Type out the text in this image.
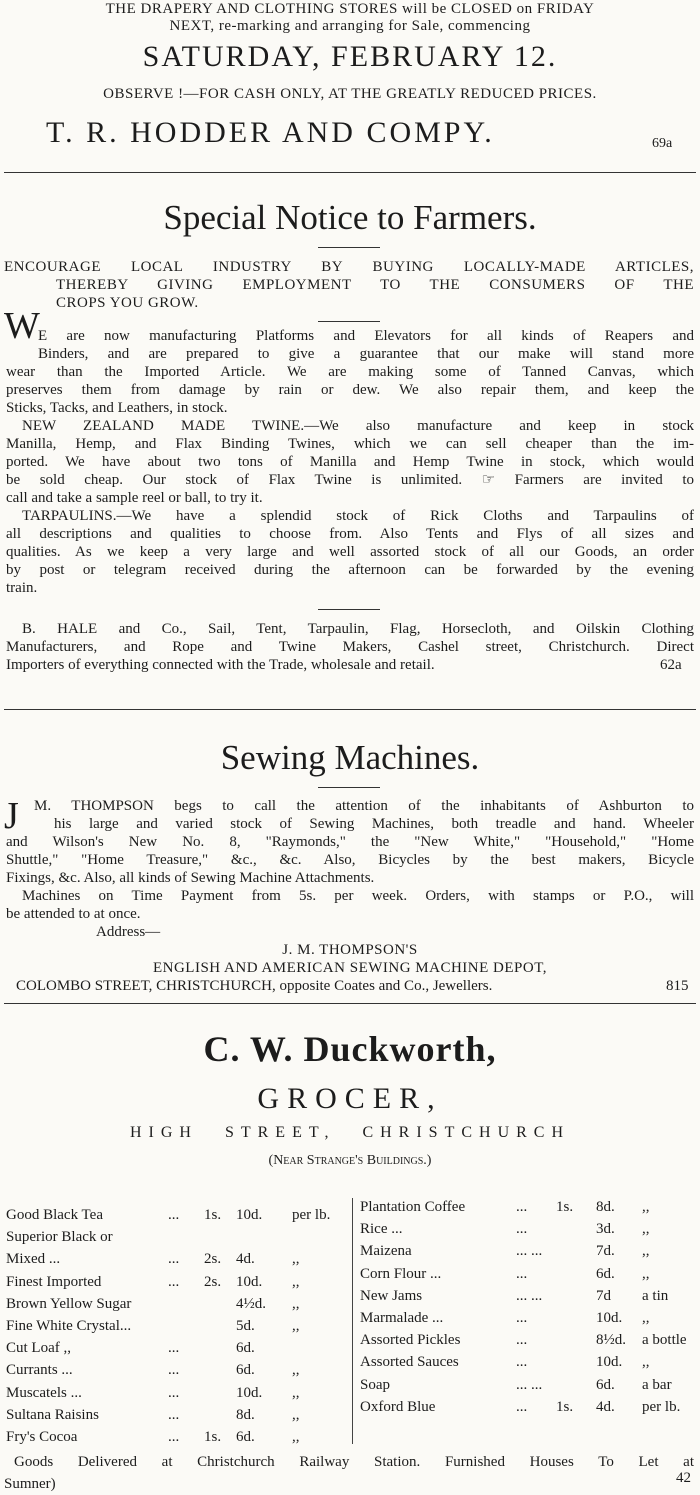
THE DRAPERY AND CLOTHING STORES will be CLOSED on FRIDAY
NEXT, re-marking and arranging for Sale, commencing
SATURDAY, FEBRUARY 12.
OBSERVE !—FOR CASH ONLY, AT THE GREATLY REDUCED PRICES.
T. R. HODDER AND COMPY.	69a
Special Notice to Farmers.
ENCOURAGE LOCAL INDUSTRY BY BUYING LOCALLY-MADE ARTICLES,
THEREBY GIVING EMPLOYMENT TO THE CONSUMERS OF THE
CROPS YOU GROW.
W
E are now manufacturing Platforms and Elevators for all kinds of Reapers and
Binders, and are prepared to give a guarantee that our make will stand more
wear than the Imported Article. We are making some of Tanned Canvas, which
preserves them from damage by rain or dew. We also repair them, and keep the
Sticks, Tacks, and Leathers, in stock.
NEW ZEALAND MADE TWINE.—We also manufacture and keep in stock
Manilla, Hemp, and Flax Binding Twines, which we can sell cheaper than the im-
ported. We have about two tons of Manilla and Hemp Twine in stock, which would
be sold cheap. Our stock of Flax Twine is unlimited. ☞ Farmers are invited to
call and take a sample reel or ball, to try it.
TARPAULINS.—We have a splendid stock of Rick Cloths and Tarpaulins of
all descriptions and qualities to choose from. Also Tents and Flys of all sizes and
qualities. As we keep a very large and well assorted stock of all our Goods, an order
by post or telegram received during the afternoon can be forwarded by the evening
train.
B. HALE and Co., Sail, Tent, Tarpaulin, Flag, Horsecloth, and Oilskin Clothing
Manufacturers, and Rope and Twine Makers, Cashel street, Christchurch. Direct
Importers of everything connected with the Trade, wholesale and retail.	62a
Sewing Machines.
J M. THOMPSON begs to call the attention of the inhabitants of Ashburton to
his large and varied stock of Sewing Machines, both treadle and hand. Wheeler
and Wilson's New No. 8, "Raymonds," the "New White," "Household," "Home
Shuttle," "Home Treasure," &c., &c. Also, Bicycles by the best makers, Bicycle
Fixings, &c. Also, all kinds of Sewing Machine Attachments.
Machines on Time Payment from 5s. per week. Orders, with stamps or P.O., will
be attended to at once.
Address—
J. M. THOMPSON'S
ENGLISH AND AMERICAN SEWING MACHINE DEPOT,
COLOMBO STREET, CHRISTCHURCH, opposite Coates and Co., Jewellers.	815
C. W. Duckworth,
GROCER,
HIGH STREET, CHRISTCHURCH
(Near Strange's Buildings.)
Good Black Tea	... 1s. 10d. per lb.
Superior Black or
Mixed ...	... 2s. 4d. ,,
Finest Imported	... 2s. 10d. ,,
Brown Yellow Sugar	4½d. ,,
Fine White Crystal...	5d. ,,
Cut Loaf ,,	...	6d.
Currants ...	...	6d. ,,
Muscatels ...	...	10d. ,,
Sultana Raisins	...	8d. ,,
Fry's Cocoa	... 1s. 6d. ,,
Plantation Coffee	... 1s. 8d. ,,
Rice ...	...	3d. ,,
Maizena	... ...	7d. ,,
Corn Flour ...	...	6d. ,,
New Jams	... ...	7d a tin
Marmalade ...	...	10d. ,,
Assorted Pickles	...	8½d. a bottle
Assorted Sauces	...	10d. ,,
Soap	... ...	6d. a bar
Oxford Blue	... 1s. 4d. per lb.
Goods Delivered at Christchurch Railway Station. Furnished Houses To Let at
Sumner)	42
